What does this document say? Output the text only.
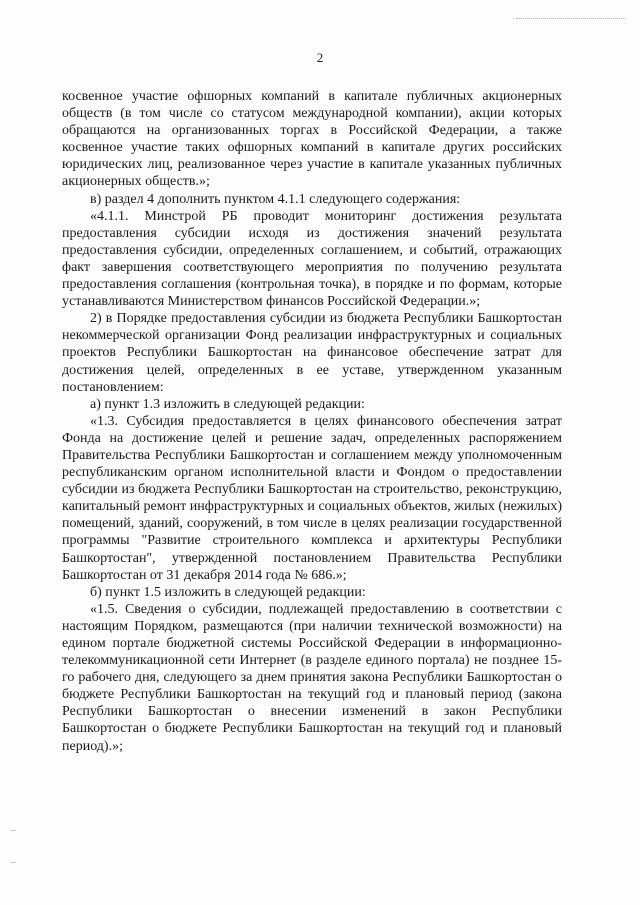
2

косвенное участие офшорных компаний в капитале публичных акционерных обществ (в том числе со статусом международной компании), акции которых обращаются на организованных торгах в Российской Федерации, а также косвенное участие таких офшорных компаний в капитале других российских юридических лиц, реализованное через участие в капитале указанных публичных акционерных обществ.»;

в) раздел 4 дополнить пунктом 4.1.1 следующего содержания:

«4.1.1. Минстрой РБ проводит мониторинг достижения результата предоставления субсидии исходя из достижения значений результата предоставления субсидии, определенных соглашением, и событий, отражающих факт завершения соответствующего мероприятия по получению результата предоставления соглашения (контрольная точка), в порядке и по формам, которые устанавливаются Министерством финансов Российской Федерации.»;

2) в Порядке предоставления субсидии из бюджета Республики Башкортостан некоммерческой организации Фонд реализации инфраструктурных и социальных проектов Республики Башкортостан на финансовое обеспечение затрат для достижения целей, определенных в ее уставе, утвержденном указанным постановлением:

а) пункт 1.3 изложить в следующей редакции:

«1.3. Субсидия предоставляется в целях финансового обеспечения затрат Фонда на достижение целей и решение задач, определенных распоряжением Правительства Республики Башкортостан и соглашением между уполномоченным республиканским органом исполнительной власти и Фондом о предоставлении субсидии из бюджета Республики Башкортостан на строительство, реконструкцию, капитальный ремонт инфраструктурных и социальных объектов, жилых (нежилых) помещений, зданий, сооружений, в том числе в целях реализации государственной программы "Развитие строительного комплекса и архитектуры Республики Башкортостан", утвержденной постановлением Правительства Республики Башкортостан от 31 декабря 2014 года № 686.»;

б) пункт 1.5 изложить в следующей редакции:

«1.5. Сведения о субсидии, подлежащей предоставлению в соответствии с настоящим Порядком, размещаются (при наличии технической возможности) на едином портале бюджетной системы Российской Федерации в информационно-телекоммуникационной сети Интернет (в разделе единого портала) не позднее 15-го рабочего дня, следующего за днем принятия закона Республики Башкортостан о бюджете Республики Башкортостан на текущий год и плановый период (закона Республики Башкортостан о внесении изменений в закон Республики Башкортостан о бюджете Республики Башкортостан на текущий год и плановый период).»;
